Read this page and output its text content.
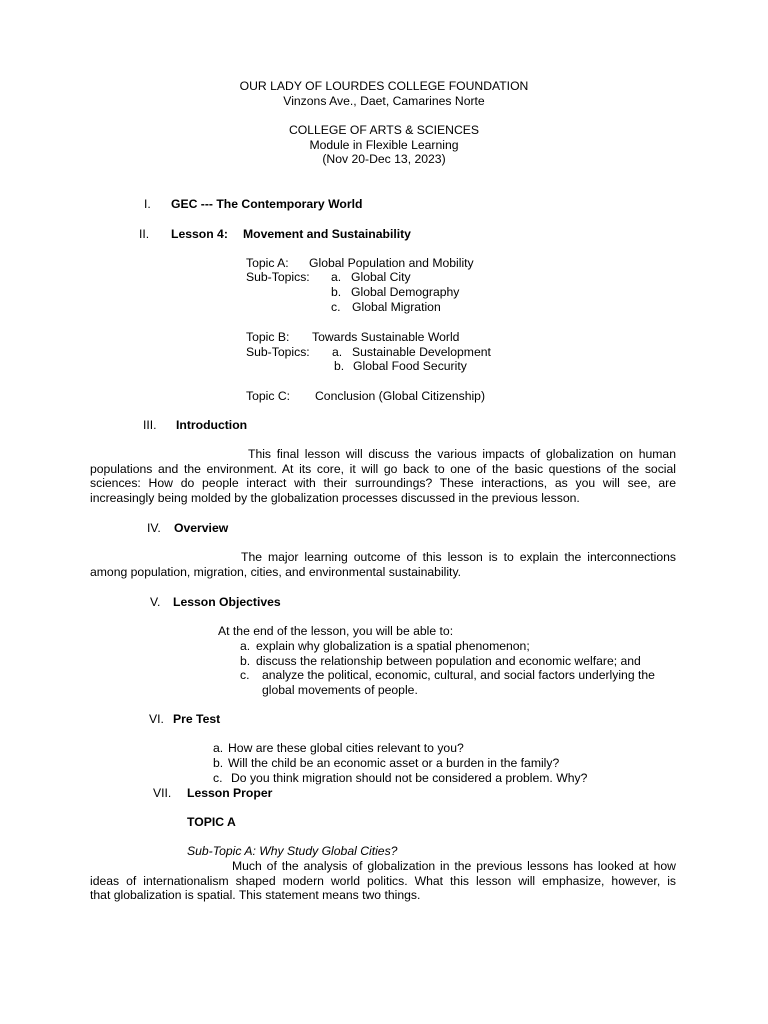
OUR LADY OF LOURDES COLLEGE FOUNDATION
Vinzons Ave., Daet, Camarines Norte
COLLEGE OF ARTS & SCIENCES
Module in Flexible Learning
(Nov 20-Dec 13, 2023)
I. GEC --- The Contemporary World
II. Lesson 4: Movement and Sustainability
Topic A: Global Population and Mobility
Sub-Topics: a. Global City
b. Global Demography
c. Global Migration
Topic B: Towards Sustainable World
Sub-Topics: a. Sustainable Development
b. Global Food Security
Topic C: Conclusion (Global Citizenship)
III. Introduction
This final lesson will discuss the various impacts of globalization on human
populations and the environment. At its core, it will go back to one of the basic questions of the social
sciences: How do people interact with their surroundings? These interactions, as you will see, are
increasingly being molded by the globalization processes discussed in the previous lesson.
IV. Overview
The major learning outcome of this lesson is to explain the interconnections
among population, migration, cities, and environmental sustainability.
V. Lesson Objectives
At the end of the lesson, you will be able to:
a. explain why globalization is a spatial phenomenon;
b. discuss the relationship between population and economic welfare; and
c. analyze the political, economic, cultural, and social factors underlying the
global movements of people.
VI. Pre Test
a. How are these global cities relevant to you?
b. Will the child be an economic asset or a burden in the family?
c. Do you think migration should not be considered a problem. Why?
VII. Lesson Proper
TOPIC A
Sub-Topic A: Why Study Global Cities?
Much of the analysis of globalization in the previous lessons has looked at how
ideas of internationalism shaped modern world politics. What this lesson will emphasize, however, is
that globalization is spatial. This statement means two things.
